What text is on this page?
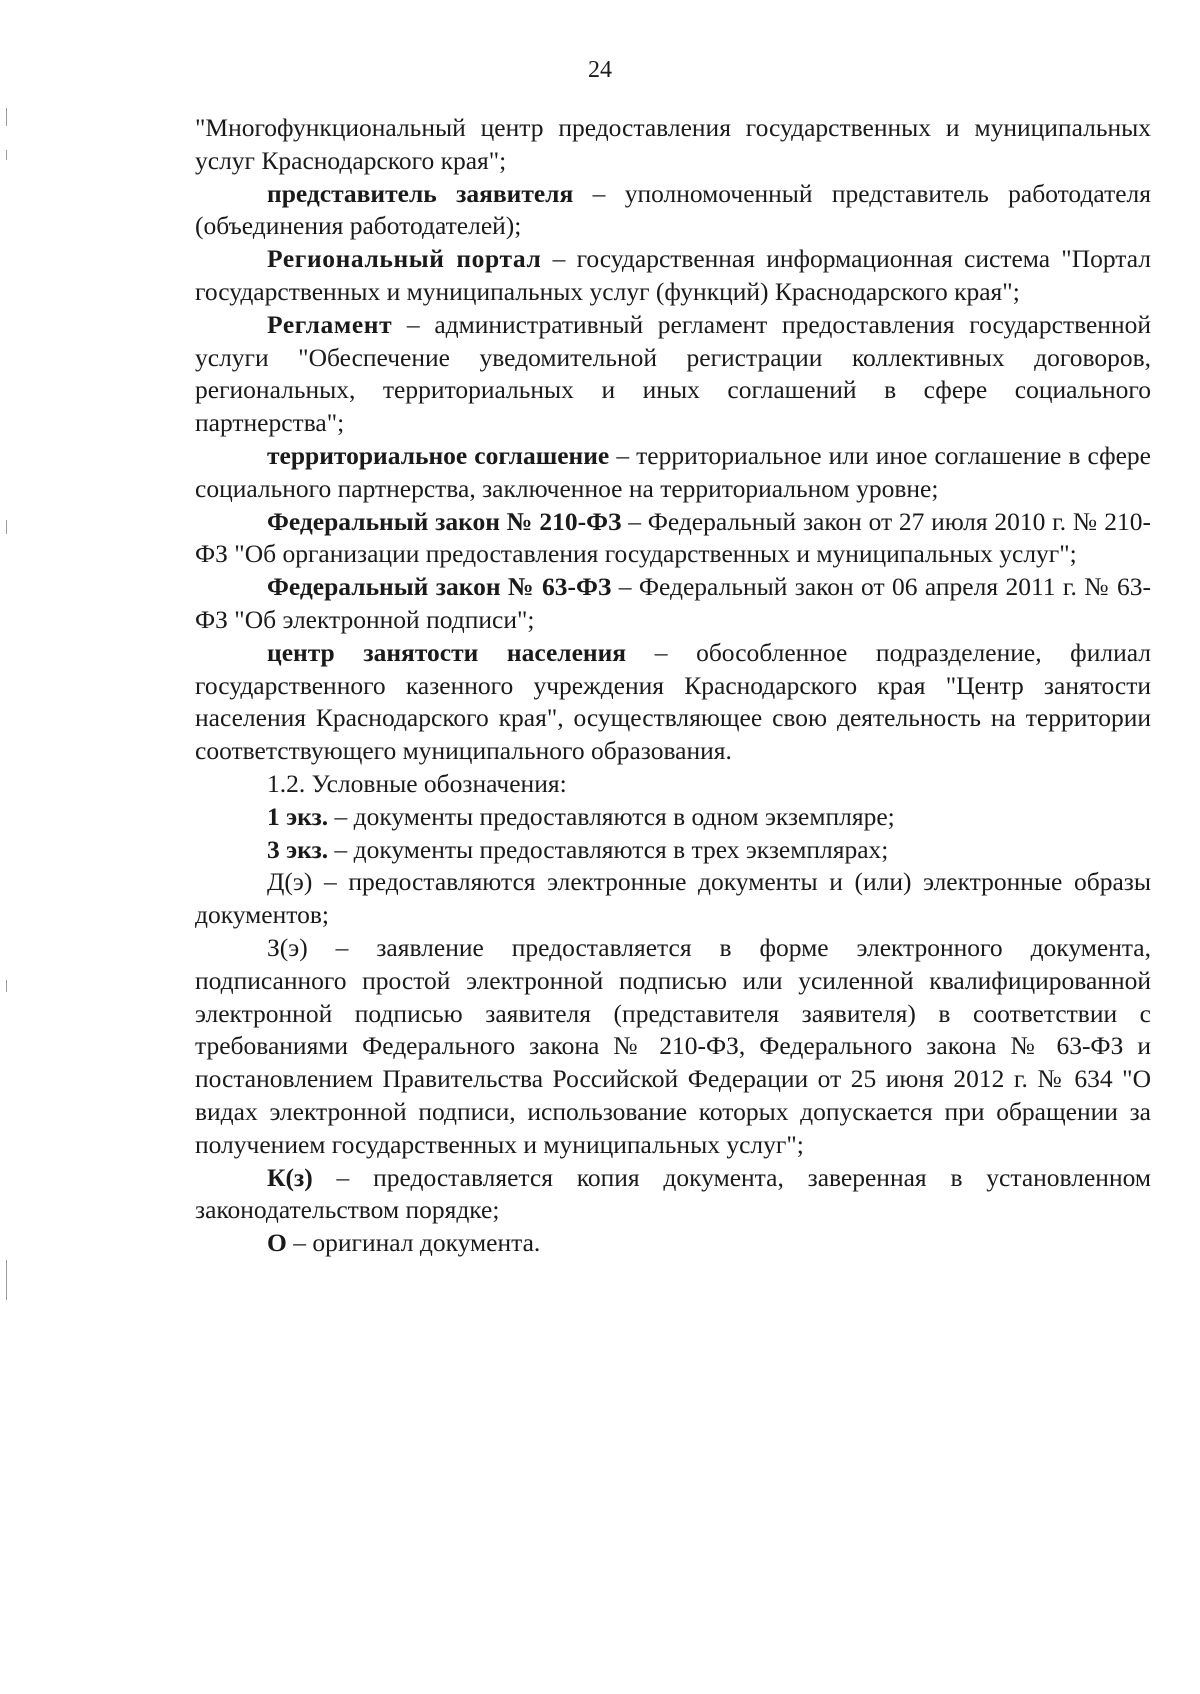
24

"Многофункциональный центр предоставления государственных и муниципальных услуг Краснодарского края";

представитель заявителя – уполномоченный представитель работодателя (объединения работодателей);

Региональный портал – государственная информационная система "Портал государственных и муниципальных услуг (функций) Краснодарского края";

Регламент – административный регламент предоставления государственной услуги "Обеспечение уведомительной регистрации коллективных договоров, региональных, территориальных и иных соглашений в сфере социального партнерства";

территориальное соглашение – территориальное или иное соглашение в сфере социального партнерства, заключенное на территориальном уровне;

Федеральный закон № 210-ФЗ – Федеральный закон от 27 июля 2010 г. № 210-ФЗ "Об организации предоставления государственных и муниципальных услуг";

Федеральный закон № 63-ФЗ – Федеральный закон от 06 апреля 2011 г. № 63-ФЗ "Об электронной подписи";

центр занятости населения – обособленное подразделение, филиал государственного казенного учреждения Краснодарского края "Центр занятости населения Краснодарского края", осуществляющее свою деятельность на территории соответствующего муниципального образования.

1.2. Условные обозначения:

1 экз. – документы предоставляются в одном экземпляре;

3 экз. – документы предоставляются в трех экземплярах;

Д(э) – предоставляются электронные документы и (или) электронные образы документов;

З(э) – заявление предоставляется в форме электронного документа, подписанного простой электронной подписью или усиленной квалифицированной электронной подписью заявителя (представителя заявителя) в соответствии с требованиями Федерального закона № 210-ФЗ, Федерального закона № 63-ФЗ и постановлением Правительства Российской Федерации от 25 июня 2012 г. № 634 "О видах электронной подписи, использование которых допускается при обращении за получением государственных и муниципальных услуг";

К(з) – предоставляется копия документа, заверенная в установленном законодательством порядке;

О – оригинал документа.
